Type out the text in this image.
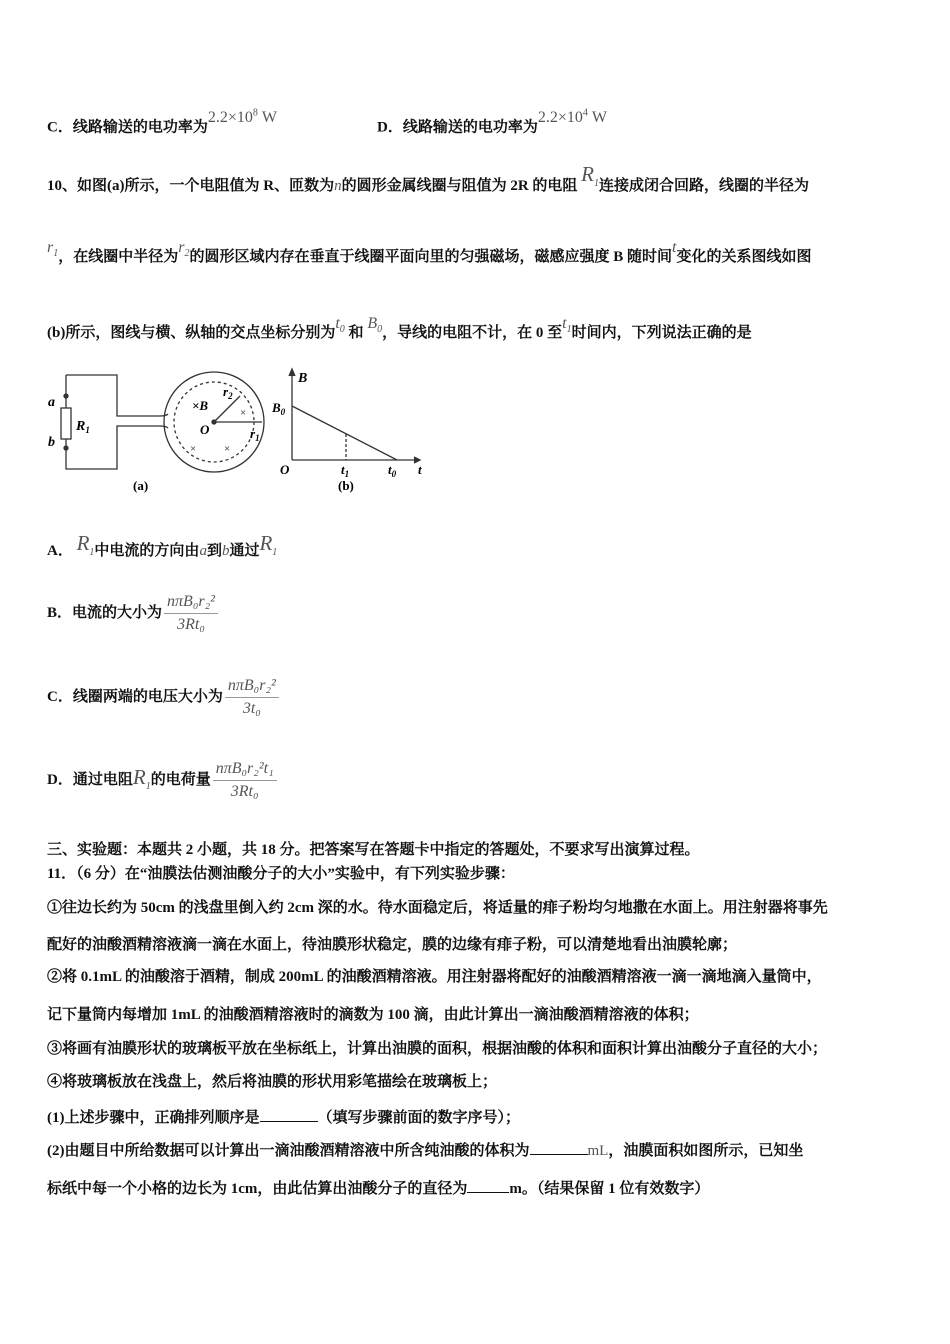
C．线路输送的电功率为$2.2\times 10^8$ W
D．线路输送的电功率为$2.2\times 10^4$ W
10、如图(a)所示，一个电阻值为 R、匝数为n的圆形金属线圈与阻值为 2R 的电阻 $R_1$连接成闭合回路，线圈的半径为
$r_1$，在线圈中半径为$r_2$的圆形区域内存在垂直于线圈平面向里的匀强磁场，磁感应强度 B 随时间t变化的关系图线如图
(b)所示，图线与横、纵轴的交点坐标分别为$t_0$ 和 $B_0$，导线的电阻不计，在 0 至$t_1$时间内，下列说法正确的是
a
b
$R_1$
×B
O
$r_2$
$r_1$
×	×
×
(a)
B
$B_0$
O	$t_1$	$t_0$ t
(b)
A． $R_1$中电流的方向由a到b通过$R_1$
B．电流的大小为 $\frac{\text{nπB₀r₂²}}{\text{3Rt₀}}$
C．线圈两端的电压大小为 $\frac{\text{nπB₀r₂²}}{\text{3t₀}}$
D．通过电阻$R_1$的电荷量 $\frac{\text{nπB₀r₂²t₁}}{\text{3Rt₀}}$
三、实验题：本题共 2 小题，共 18 分。把答案写在答题卡中指定的答题处，不要求写出演算过程。
11．（6 分）在“油膜法估测油酸分子的大小”实验中，有下列实验步骤：
①往边长约为 50cm 的浅盘里倒入约 2cm 深的水。待水面稳定后，将适量的痱子粉均匀地撒在水面上。用注射器将事先
配好的油酸酒精溶液滴一滴在水面上，待油膜形状稳定，膜的边缘有痱子粉，可以清楚地看出油膜轮廓；
②将 0.1mL 的油酸溶于酒精，制成 200mL 的油酸酒精溶液。用注射器将配好的油酸酒精溶液一滴一滴地滴入量筒中，
记下量筒内每增加 1mL 的油酸酒精溶液时的滴数为 100 滴，由此计算出一滴油酸酒精溶液的体积；
③将画有油膜形状的玻璃板平放在坐标纸上，计算出油膜的面积，根据油酸的体积和面积计算出油酸分子直径的大小；
④将玻璃板放在浅盘上，然后将油膜的形状用彩笔描绘在玻璃板上；
(1)上述步骤中，正确排列顺序是	（填写步骤前面的数字序号）；
(2)由题目中所给数据可以计算出一滴油酸酒精溶液中所含纯油酸的体积为	mL，油膜面积如图所示，已知坐
标纸中每一个小格的边长为 1cm，由此估算出油酸分子的直径为	m。（结果保留 1 位有效数字）
